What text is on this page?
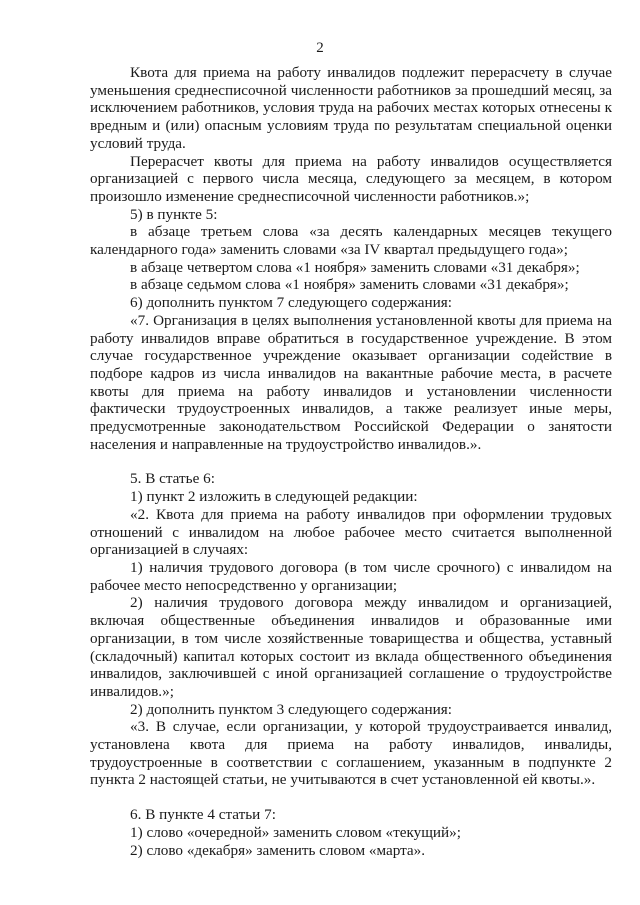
2

Квота для приема на работу инвалидов подлежит перерасчету в случае уменьшения среднесписочной численности работников за прошедший месяц, за исключением работников, условия труда на рабочих местах которых отнесены к вредным и (или) опасным условиям труда по результатам специальной оценки условий труда.

Перерасчет квоты для приема на работу инвалидов осуществляется организацией с первого числа месяца, следующего за месяцем, в котором произошло изменение среднесписочной численности работников.»;

5) в пункте 5:

в абзаце третьем слова «за десять календарных месяцев текущего календарного года» заменить словами «за IV квартал предыдущего года»;

в абзаце четвертом слова «1 ноября» заменить словами «31 декабря»;

в абзаце седьмом слова «1 ноября» заменить словами «31 декабря»;

6) дополнить пунктом 7 следующего содержания:

«7. Организация в целях выполнения установленной квоты для приема на работу инвалидов вправе обратиться в государственное учреждение. В этом случае государственное учреждение оказывает организации содействие в подборе кадров из числа инвалидов на вакантные рабочие места, в расчете квоты для приема на работу инвалидов и установлении численности фактически трудоустроенных инвалидов, а также реализует иные меры, предусмотренные законодательством Российской Федерации о занятости населения и направленные на трудоустройство инвалидов.».

5. В статье 6:

1) пункт 2 изложить в следующей редакции:

«2. Квота для приема на работу инвалидов при оформлении трудовых отношений с инвалидом на любое рабочее место считается выполненной организацией в случаях:

1) наличия трудового договора (в том числе срочного) с инвалидом на рабочее место непосредственно у организации;

2) наличия трудового договора между инвалидом и организацией, включая общественные объединения инвалидов и образованные ими организации, в том числе хозяйственные товарищества и общества, уставный (складочный) капитал которых состоит из вклада общественного объединения инвалидов, заключившей с иной организацией соглашение о трудоустройстве инвалидов.»;

2) дополнить пунктом 3 следующего содержания:

«3. В случае, если организации, у которой трудоустраивается инвалид, установлена квота для приема на работу инвалидов, инвалиды, трудоустроенные в соответствии с соглашением, указанным в подпункте 2 пункта 2 настоящей статьи, не учитываются в счет установленной ей квоты.».

6. В пункте 4 статьи 7:

1) слово «очередной» заменить словом «текущий»;

2) слово «декабря» заменить словом «марта».
